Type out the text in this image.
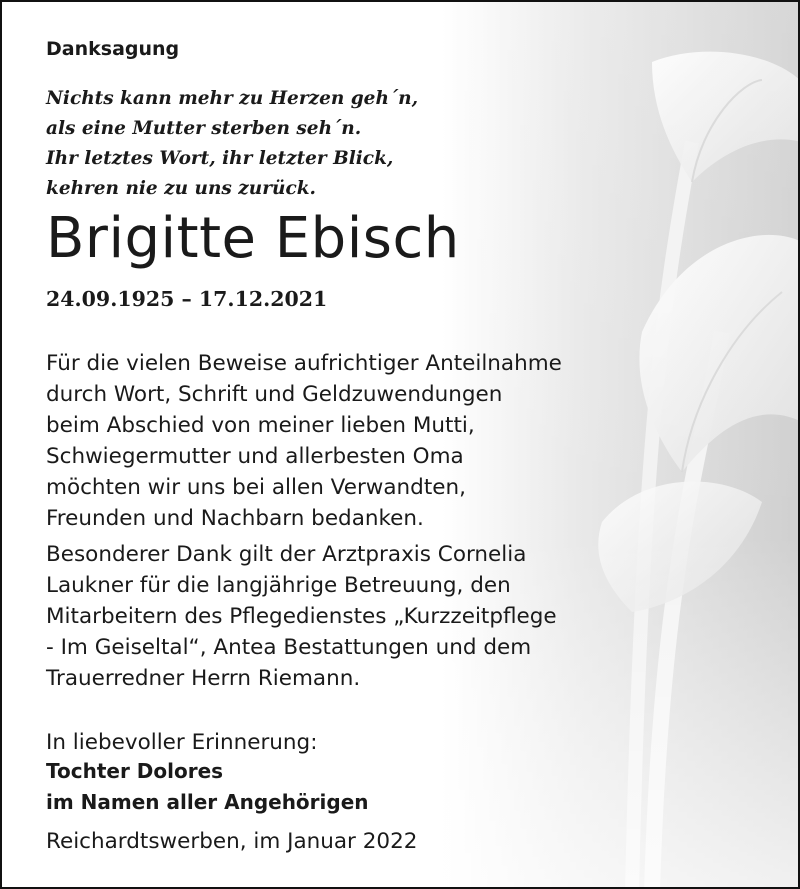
Danksagung
Nichts kann mehr zu Herzen geh´n,
als eine Mutter sterben seh´n.
Ihr letztes Wort, ihr letzter Blick,
kehren nie zu uns zurück.
Brigitte Ebisch
24.09.1925 – 17.12.2021
Für die vielen Beweise aufrichtiger Anteilnahme
durch Wort, Schrift und Geldzuwendungen
beim Abschied von meiner lieben Mutti,
Schwiegermutter und allerbesten Oma
möchten wir uns bei allen Verwandten,
Freunden und Nachbarn bedanken.
Besonderer Dank gilt der Arztpraxis Cornelia
Laukner für die langjährige Betreuung, den
Mitarbeitern des Pflegedienstes „Kurzzeitpflege
- Im Geiseltal“, Antea Bestattungen und dem
Trauerredner Herrn Riemann.
In liebevoller Erinnerung:
Tochter Dolores
im Namen aller Angehörigen
Reichardtswerben, im Januar 2022
